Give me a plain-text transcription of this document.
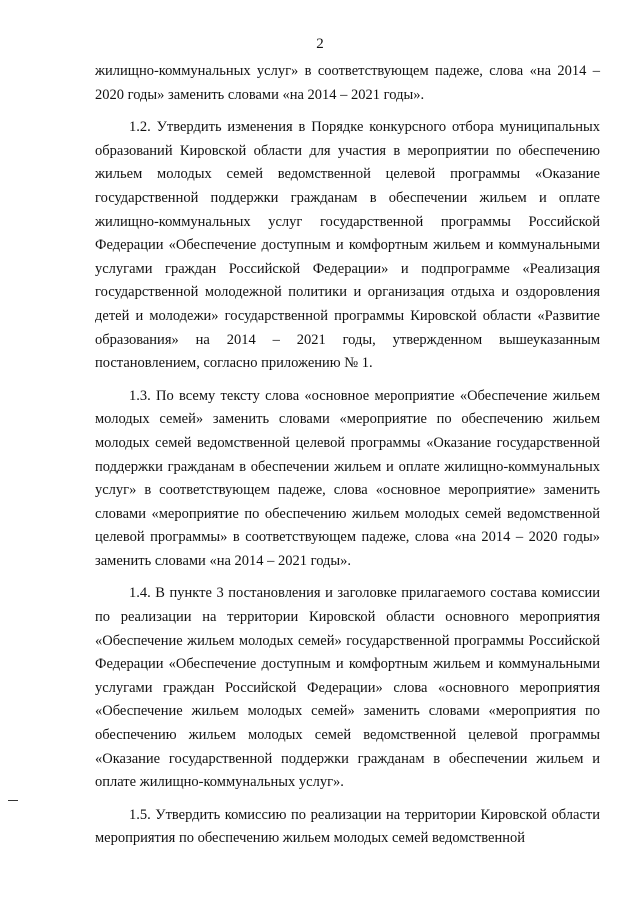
2

жилищно-коммунальных услуг» в соответствующем падеже, слова «на 2014 – 2020 годы» заменить словами «на 2014 – 2021 годы».

1.2. Утвердить изменения в Порядке конкурсного отбора муниципальных образований Кировской области для участия в мероприятии по обеспечению жильем молодых семей ведомственной целевой программы «Оказание государственной поддержки гражданам в обеспечении жильем и оплате жилищно-коммунальных услуг государственной программы Российской Федерации «Обеспечение доступным и комфортным жильем и коммунальными услугами граждан Российской Федерации» и подпрограмме «Реализация государственной молодежной политики и организация отдыха и оздоровления детей и молодежи» государственной программы Кировской области «Развитие образования» на 2014 – 2021 годы, утвержденном вышеуказанным постановлением, согласно приложению № 1.

1.3. По всему тексту слова «основное мероприятие «Обеспечение жильем молодых семей» заменить словами «мероприятие по обеспечению жильем молодых семей ведомственной целевой программы «Оказание государственной поддержки гражданам в обеспечении жильем и оплате жилищно-коммунальных услуг» в соответствующем падеже, слова «основное мероприятие» заменить словами «мероприятие по обеспечению жильем молодых семей ведомственной целевой программы» в соответствующем падеже, слова «на 2014 – 2020 годы» заменить словами «на 2014 – 2021 годы».

1.4. В пункте 3 постановления и заголовке прилагаемого состава комиссии по реализации на территории Кировской области основного мероприятия «Обеспечение жильем молодых семей» государственной программы Российской Федерации «Обеспечение доступным и комфортным жильем и коммунальными услугами граждан Российской Федерации» слова «основного мероприятия «Обеспечение жильем молодых семей» заменить словами «мероприятия по обеспечению жильем молодых семей ведомственной целевой программы «Оказание государственной поддержки гражданам в обеспечении жильем и оплате жилищно-коммунальных услуг».

1.5. Утвердить комиссию по реализации на территории Кировской области мероприятия по обеспечению жильем молодых семей ведомственной
